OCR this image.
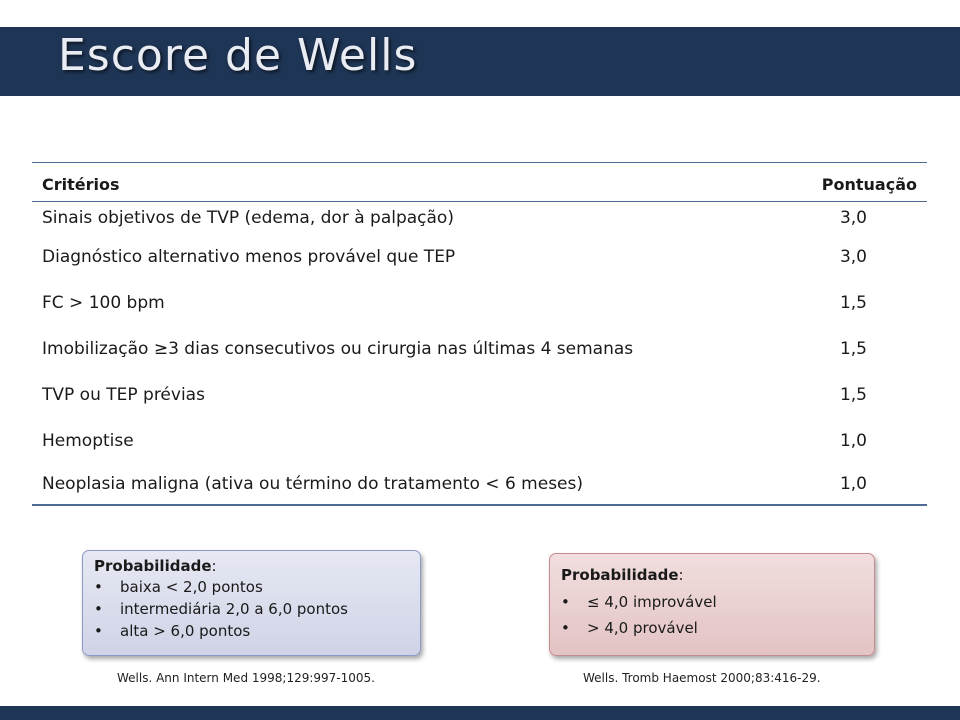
Escore de Wells
Critérios	Pontuação
Sinais objetivos de TVP (edema, dor à palpação)	3,0
Diagnóstico alternativo menos provável que TEP	3,0
FC > 100 bpm	1,5
Imobilização ≥3 dias consecutivos ou cirurgia nas últimas 4 semanas	1,5
TVP ou TEP prévias	1,5
Hemoptise	1,0
Neoplasia maligna (ativa ou término do tratamento < 6 meses)	1,0
Probabilidade:
• baixa < 2,0 pontos
• intermediária 2,0 a 6,0 pontos
• alta > 6,0 pontos
Probabilidade:
• ≤ 4,0 improvável
• > 4,0 provável
Wells. Ann Intern Med 1998;129:997-1005.	Wells. Tromb Haemost 2000;83:416-29.
